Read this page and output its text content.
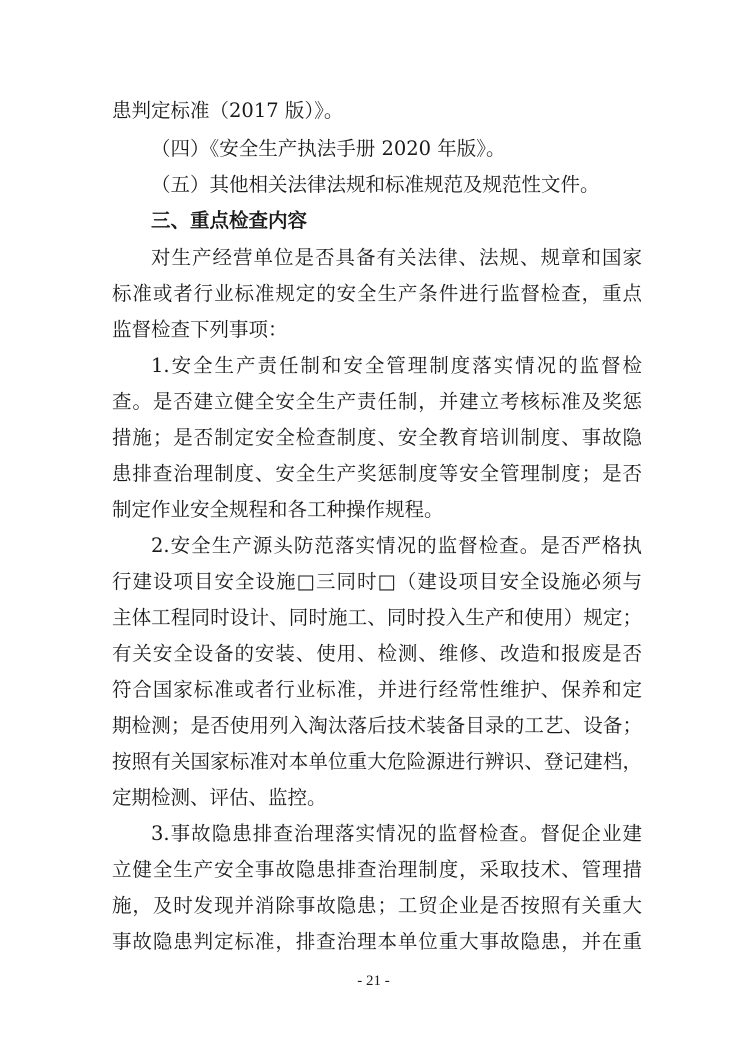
患判定标准（2017 版）》。
（四）《安全生产执法手册 2020 年版》。
（五）其他相关法律法规和标准规范及规范性文件。
三、重点检查内容
对生产经营单位是否具备有关法律、法规、规章和国家
标准或者行业标准规定的安全生产条件进行监督检查，重点
监督检查下列事项：
1.安全生产责任制和安全管理制度落实情况的监督检
查。是否建立健全安全生产责任制，并建立考核标准及奖惩
措施；是否制定安全检查制度、安全教育培训制度、事故隐
患排查治理制度、安全生产奖惩制度等安全管理制度；是否
制定作业安全规程和各工种操作规程。
2.安全生产源头防范落实情况的监督检查。是否严格执
行建设项目安全设施□三同时□（建设项目安全设施必须与
主体工程同时设计、同时施工、同时投入生产和使用）规定；
有关安全设备的安装、使用、检测、维修、改造和报废是否
符合国家标准或者行业标准，并进行经常性维护、保养和定
期检测；是否使用列入淘汰落后技术装备目录的工艺、设备；
按照有关国家标准对本单位重大危险源进行辨识、登记建档，
定期检测、评估、监控。
3.事故隐患排查治理落实情况的监督检查。督促企业建
立健全生产安全事故隐患排查治理制度，采取技术、管理措
施，及时发现并消除事故隐患；工贸企业是否按照有关重大
事故隐患判定标准，排查治理本单位重大事故隐患，并在重
- 21 -
